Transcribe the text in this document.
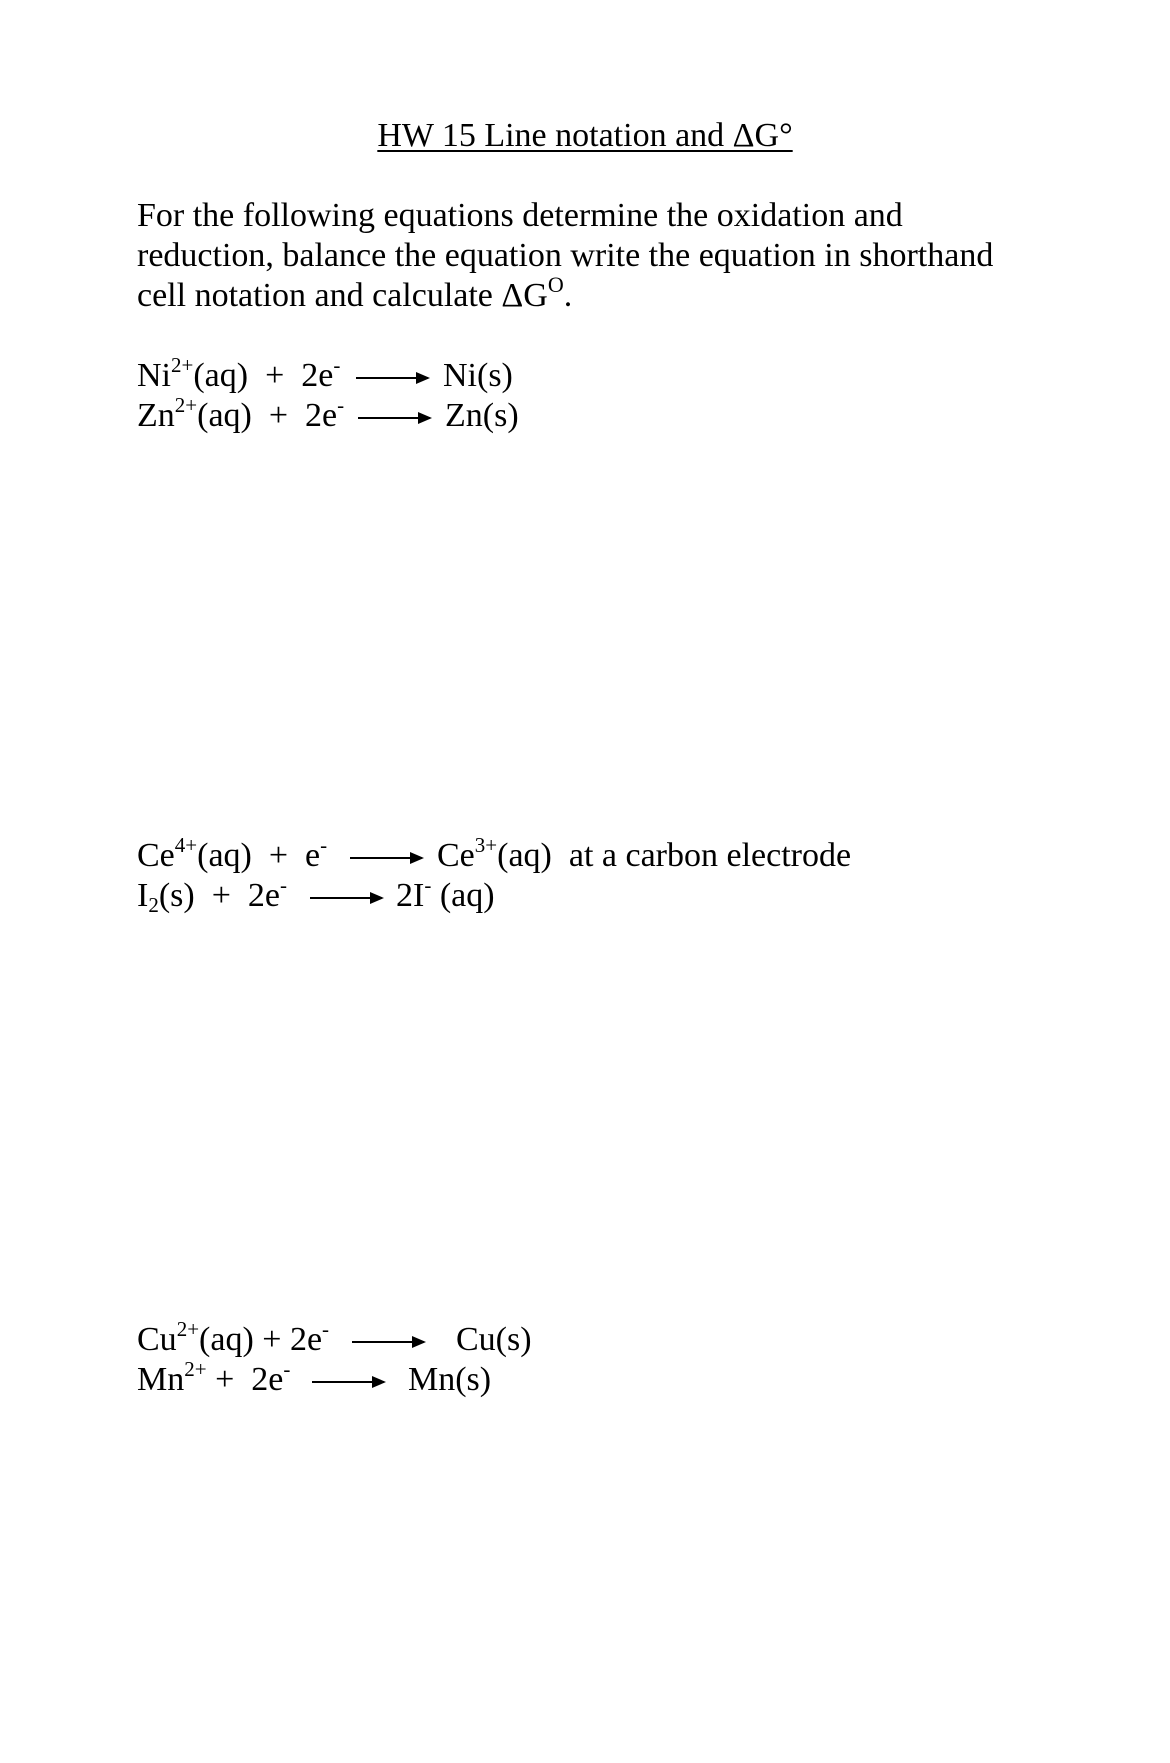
HW 15 Line notation and ΔG°
For the following equations determine the oxidation and
reduction, balance the equation write the equation in shorthand
cell notation and calculate $\Delta G^O$.
$Ni^{2+}(aq) + 2e^-$	Ni(s)
$Zn^{2+}(aq) + 2e^-$	Zn(s)
$Ce^{4+}(aq) + e^-$	$Ce^{3+}(aq)$  at a carbon electrode
$I_2(s) + 2e^-$	2I- (aq)
$Cu^{2+}(aq) + 2e^-$	Cu(s)
$Mn^{2+} + 2e^-$	Mn(s)
